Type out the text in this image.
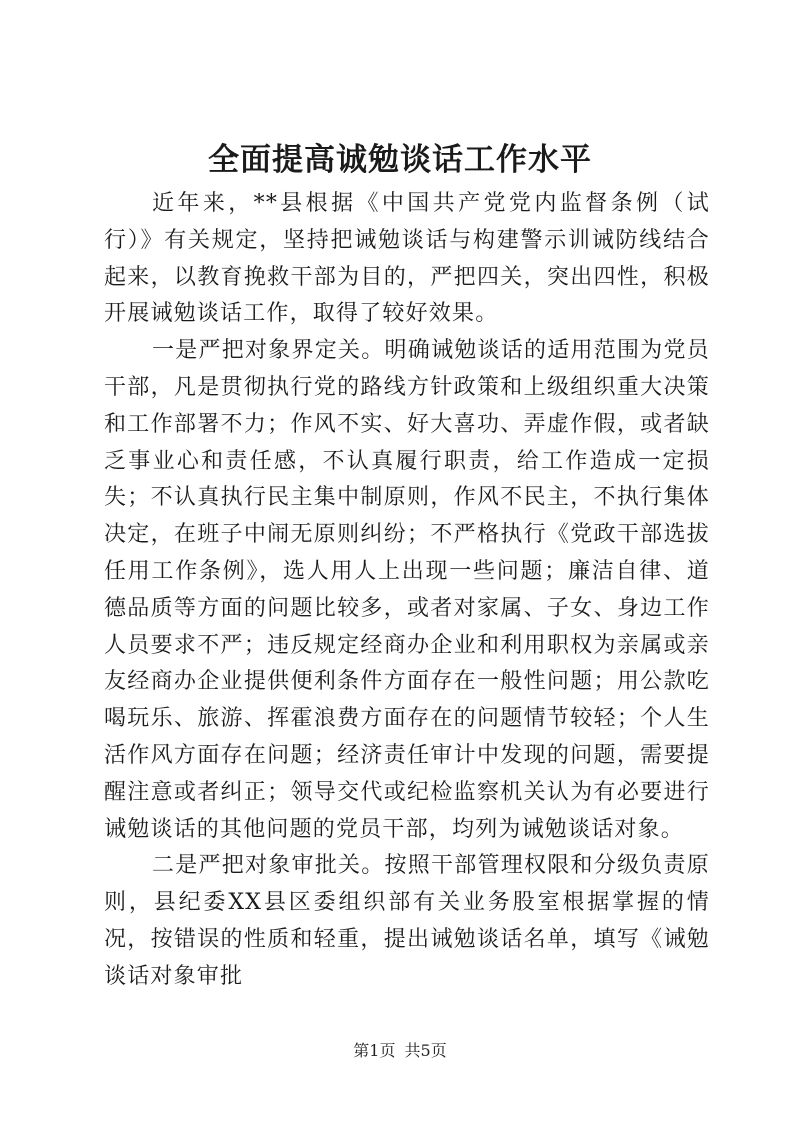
全面提高诚勉谈话工作水平

近年来，**县根据《中国共产党党内监督条例（试行）》有关规定，坚持把诫勉谈话与构建警示训诫防线结合起来，以教育挽救干部为目的，严把四关，突出四性，积极开展诫勉谈话工作，取得了较好效果。

一是严把对象界定关。明确诫勉谈话的适用范围为党员干部，凡是贯彻执行党的路线方针政策和上级组织重大决策和工作部署不力；作风不实、好大喜功、弄虚作假，或者缺乏事业心和责任感，不认真履行职责，给工作造成一定损失；不认真执行民主集中制原则，作风不民主，不执行集体决定，在班子中闹无原则纠纷；不严格执行《党政干部选拔任用工作条例》，选人用人上出现一些问题；廉洁自律、道德品质等方面的问题比较多，或者对家属、子女、身边工作人员要求不严；违反规定经商办企业和利用职权为亲属或亲友经商办企业提供便利条件方面存在一般性问题；用公款吃喝玩乐、旅游、挥霍浪费方面存在的问题情节较轻；个人生活作风方面存在问题；经济责任审计中发现的问题，需要提醒注意或者纠正；领导交代或纪检监察机关认为有必要进行诫勉谈话的其他问题的党员干部，均列为诫勉谈话对象。

二是严把对象审批关。按照干部管理权限和分级负责原则，县纪委XX县区委组织部有关业务股室根据掌握的情况，按错误的性质和轻重，提出诫勉谈话名单，填写《诫勉谈话对象审批

第1页 共5页
